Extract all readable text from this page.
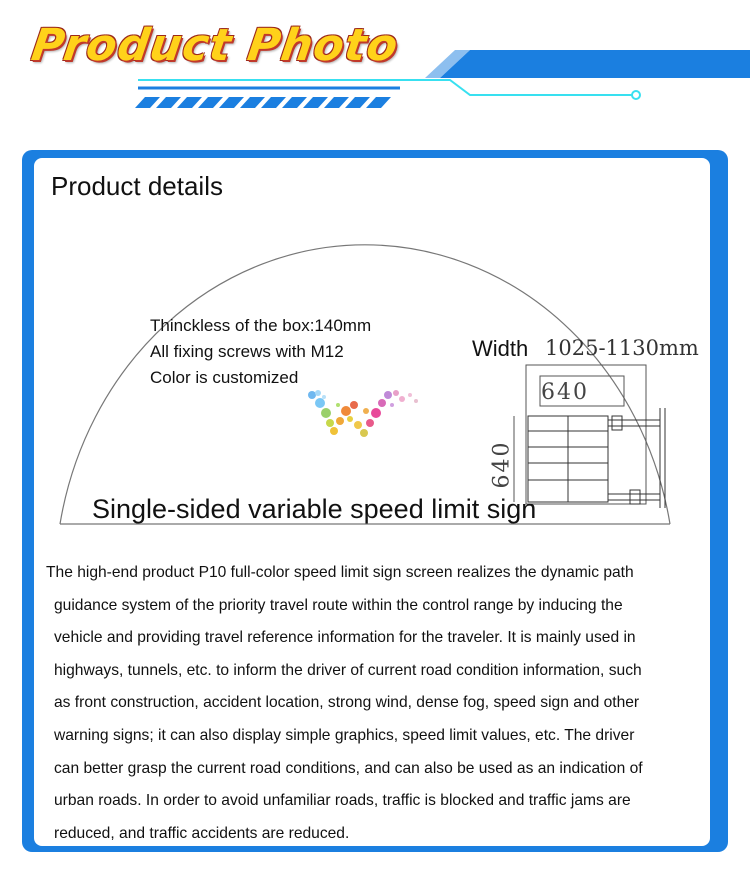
Product Photo
Product details
Thinckless of the box:140mm
All fixing screws with M12
Color is customized
Width 1025-1130mm
640
640
Single-sided variable speed limit sign
The high-end product P10 full-color speed limit sign screen realizes the dynamic path
guidance system of the priority travel route within the control range by inducing the
vehicle and providing travel reference information for the traveler. It is mainly used in
highways, tunnels, etc. to inform the driver of current road condition information, such
as front construction, accident location, strong wind, dense fog, speed sign and other
warning signs; it can also display simple graphics, speed limit values, etc. The driver
can better grasp the current road conditions, and can also be used as an indication of
urban roads. In order to avoid unfamiliar roads, traffic is blocked and traffic jams are
reduced, and traffic accidents are reduced.
